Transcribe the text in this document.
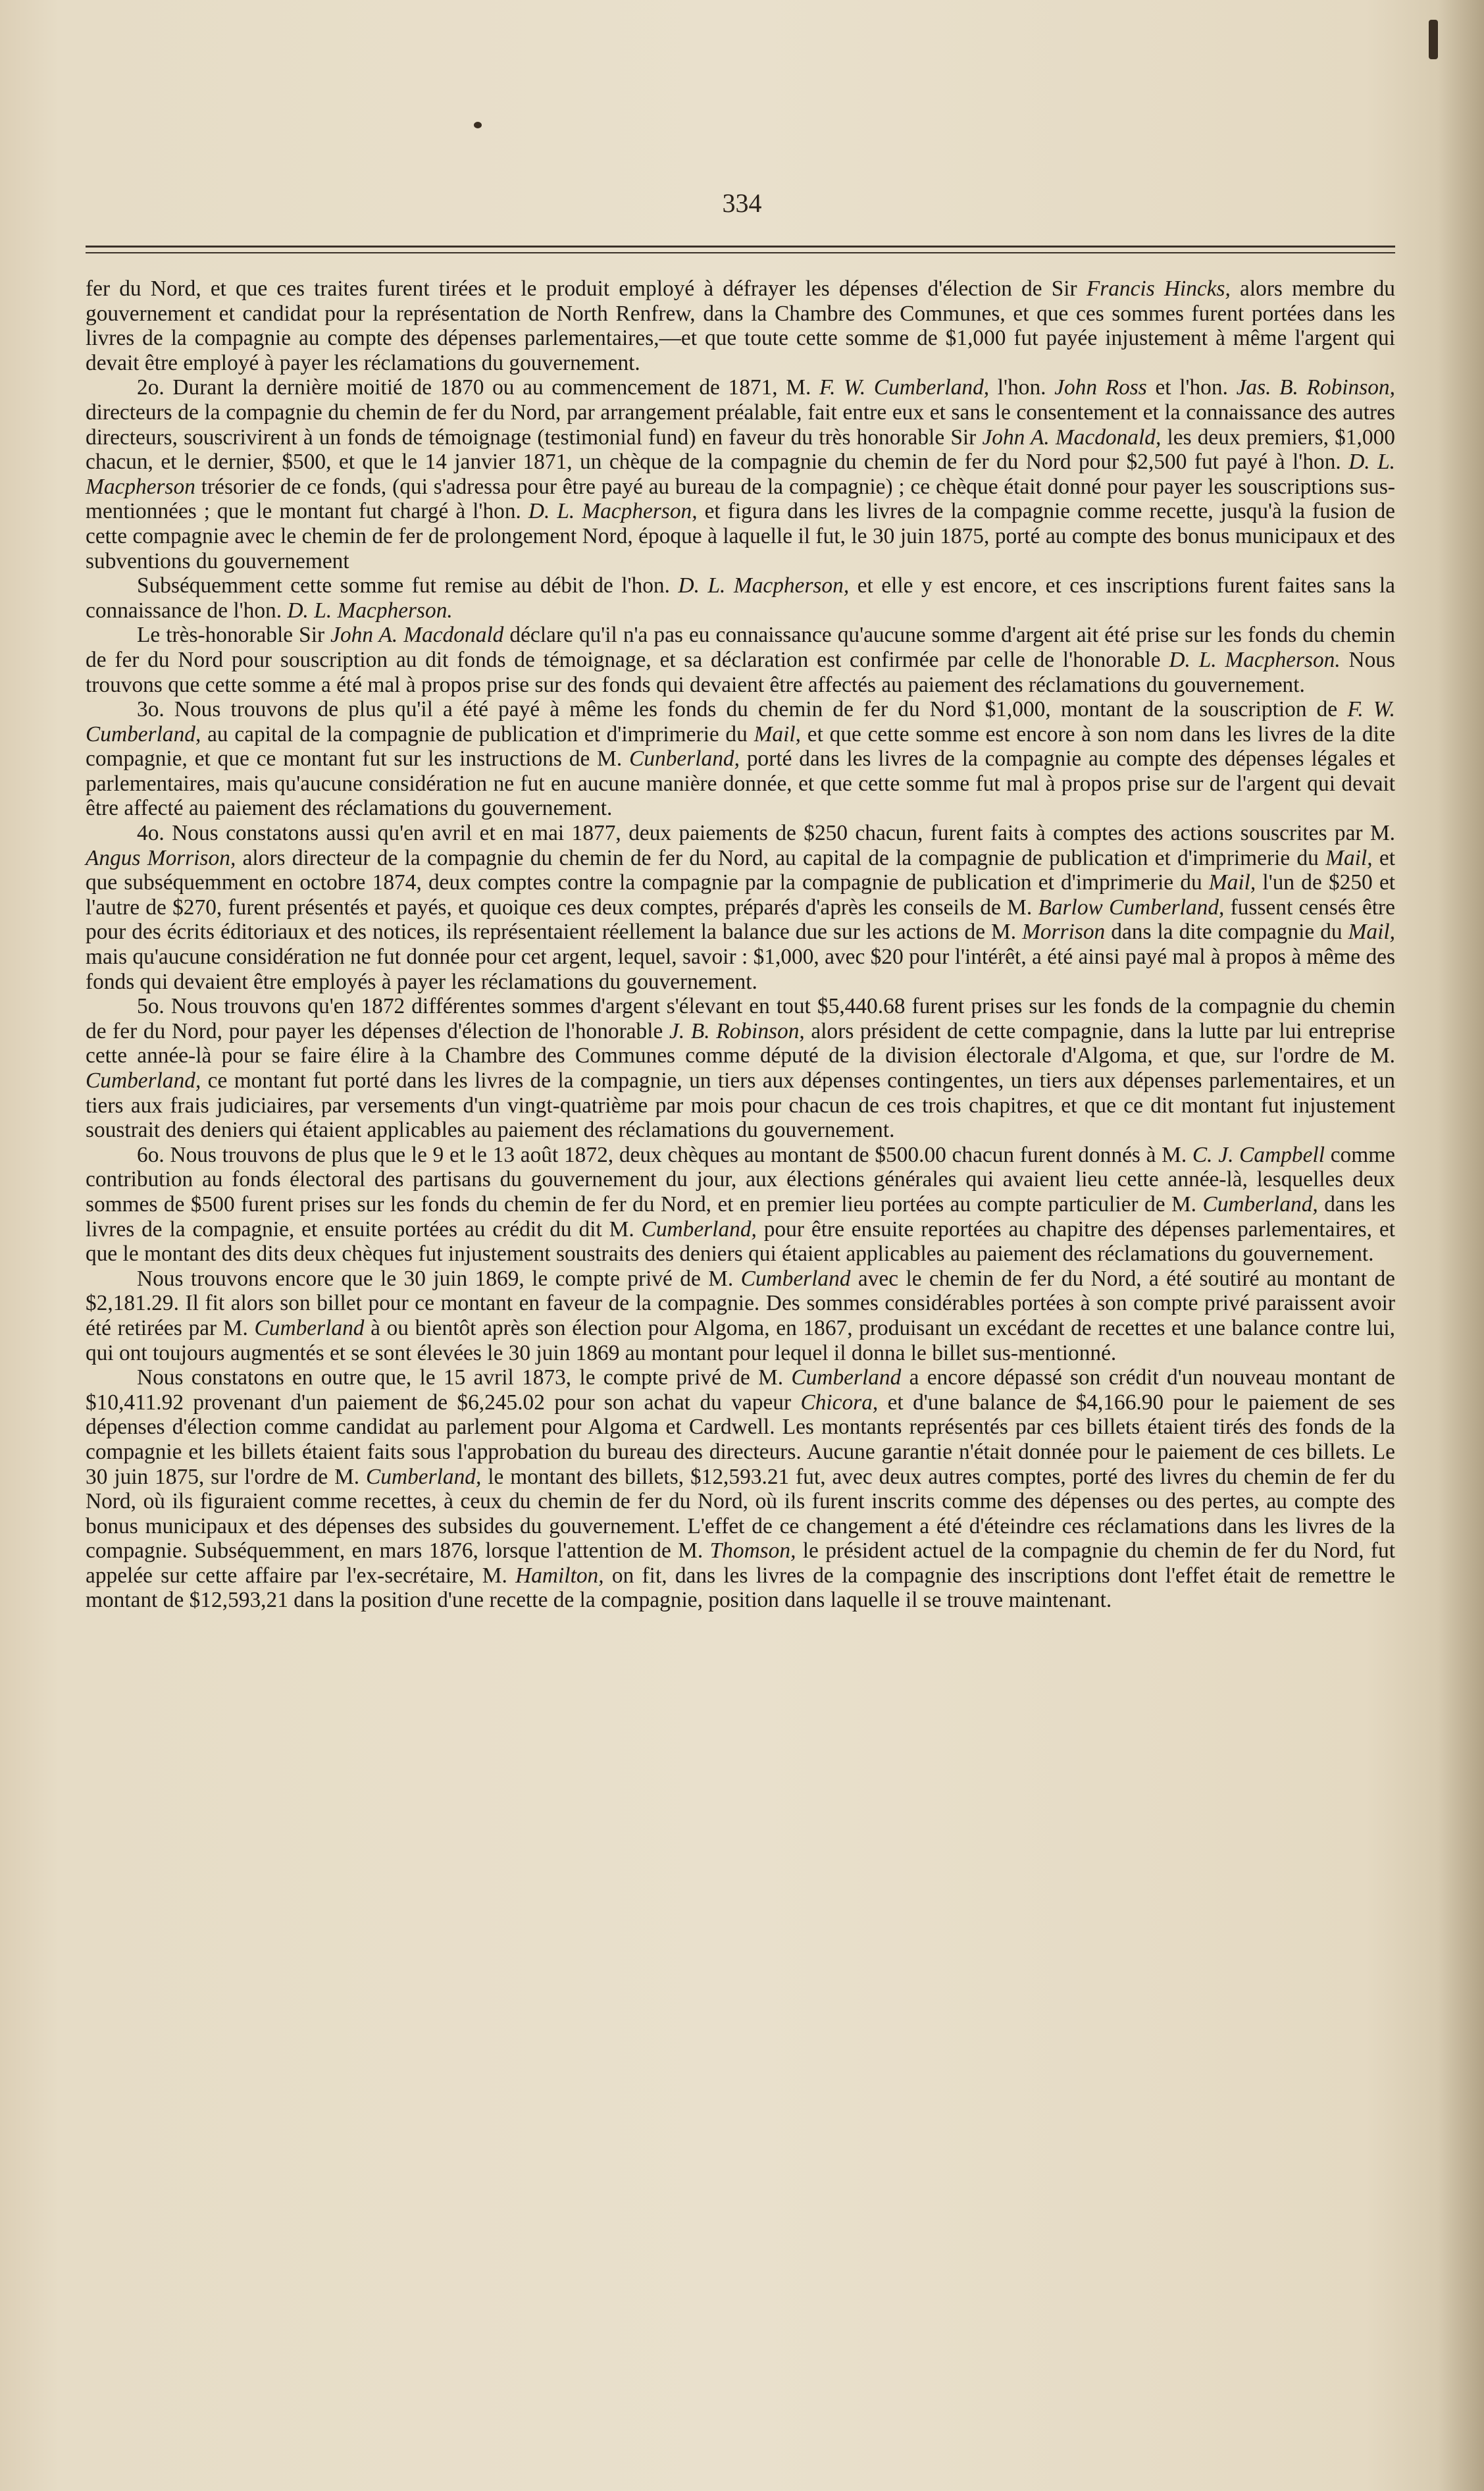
334

fer du Nord, et que ces traites furent tirées et le produit employé à défrayer les dépenses d'élection de Sir Francis Hincks, alors membre du gouvernement et candidat pour la représentation de North Renfrew, dans la Chambre des Communes, et que ces sommes furent portées dans les livres de la compagnie au compte des dépenses parlementaires,—et que toute cette somme de $1,000 fut payée injustement à même l'argent qui devait être employé à payer les réclamations du gouvernement.

2o. Durant la dernière moitié de 1870 ou au commencement de 1871, M. F. W. Cumberland, l'hon. John Ross et l'hon. Jas. B. Robinson, directeurs de la compagnie du chemin de fer du Nord, par arrangement préalable, fait entre eux et sans le consentement et la connaissance des autres directeurs, souscrivirent à un fonds de témoignage (testimonial fund) en faveur du très honorable Sir John A. Macdonald, les deux premiers, $1,000 chacun, et le dernier, $500, et que le 14 janvier 1871, un chèque de la compagnie du chemin de fer du Nord pour $2,500 fut payé à l'hon. D. L. Macpherson trésorier de ce fonds, (qui s'adressa pour être payé au bureau de la compagnie) ; ce chèque était donné pour payer les souscriptions sus-mentionnées ; que le montant fut chargé à l'hon. D. L. Macpherson, et figura dans les livres de la compagnie comme recette, jusqu'à la fusion de cette compagnie avec le chemin de fer de prolongement Nord, époque à laquelle il fut, le 30 juin 1875, porté au compte des bonus municipaux et des subventions du gouvernement

Subséquemment cette somme fut remise au débit de l'hon. D. L. Macpherson, et elle y est encore, et ces inscriptions furent faites sans la connaissance de l'hon. D. L. Macpherson.

Le très-honorable Sir John A. Macdonald déclare qu'il n'a pas eu connaissance qu'aucune somme d'argent ait été prise sur les fonds du chemin de fer du Nord pour souscription au dit fonds de témoignage, et sa déclaration est confirmée par celle de l'honorable D. L. Macpherson. Nous trouvons que cette somme a été mal à propos prise sur des fonds qui devaient être affectés au paiement des réclamations du gouvernement.

3o. Nous trouvons de plus qu'il a été payé à même les fonds du chemin de fer du Nord $1,000, montant de la souscription de F. W. Cumberland, au capital de la compagnie de publication et d'imprimerie du Mail, et que cette somme est encore à son nom dans les livres de la dite compagnie, et que ce montant fut sur les instructions de M. Cunberland, porté dans les livres de la compagnie au compte des dépenses légales et parlementaires, mais qu'aucune considération ne fut en aucune manière donnée, et que cette somme fut mal à propos prise sur de l'argent qui devait être affecté au paiement des réclamations du gouvernement.

4o. Nous constatons aussi qu'en avril et en mai 1877, deux paiements de $250 chacun, furent faits à comptes des actions souscrites par M. Angus Morrison, alors directeur de la compagnie du chemin de fer du Nord, au capital de la compagnie de publication et d'imprimerie du Mail, et que subséquemment en octobre 1874, deux comptes contre la compagnie par la compagnie de publication et d'imprimerie du Mail, l'un de $250 et l'autre de $270, furent présentés et payés, et quoique ces deux comptes, préparés d'après les conseils de M. Barlow Cumberland, fussent censés être pour des écrits éditoriaux et des notices, ils représentaient réellement la balance due sur les actions de M. Morrison dans la dite compagnie du Mail, mais qu'aucune considération ne fut donnée pour cet argent, lequel, savoir : $1,000, avec $20 pour l'intérêt, a été ainsi payé mal à propos à même des fonds qui devaient être employés à payer les réclamations du gouvernement.

5o. Nous trouvons qu'en 1872 différentes sommes d'argent s'élevant en tout $5,440.68 furent prises sur les fonds de la compagnie du chemin de fer du Nord, pour payer les dépenses d'élection de l'honorable J. B. Robinson, alors président de cette compagnie, dans la lutte par lui entreprise cette année-là pour se faire élire à la Chambre des Communes comme député de la division électorale d'Algoma, et que, sur l'ordre de M. Cumberland, ce montant fut porté dans les livres de la compagnie, un tiers aux dépenses contingentes, un tiers aux dépenses parlementaires, et un tiers aux frais judiciaires, par versements d'un vingt-quatrième par mois pour chacun de ces trois chapitres, et que ce dit montant fut injustement soustrait des deniers qui étaient applicables au paiement des réclamations du gouvernement.

6o. Nous trouvons de plus que le 9 et le 13 août 1872, deux chèques au montant de $500.00 chacun furent donnés à M. C. J. Campbell comme contribution au fonds électoral des partisans du gouvernement du jour, aux élections générales qui avaient lieu cette année-là, lesquelles deux sommes de $500 furent prises sur les fonds du chemin de fer du Nord, et en premier lieu portées au compte particulier de M. Cumberland, dans les livres de la compagnie, et ensuite portées au crédit du dit M. Cumberland, pour être ensuite reportées au chapitre des dépenses parlementaires, et que le montant des dits deux chèques fut injustement soustraits des deniers qui étaient applicables au paiement des réclamations du gouvernement.

Nous trouvons encore que le 30 juin 1869, le compte privé de M. Cumberland avec le chemin de fer du Nord, a été soutiré au montant de $2,181.29. Il fit alors son billet pour ce montant en faveur de la compagnie. Des sommes considérables portées à son compte privé paraissent avoir été retirées par M. Cumberland à ou bientôt après son élection pour Algoma, en 1867, produisant un excédant de recettes et une balance contre lui, qui ont toujours augmentés et se sont élevées le 30 juin 1869 au montant pour lequel il donna le billet sus-mentionné.

Nous constatons en outre que, le 15 avril 1873, le compte privé de M. Cumberland a encore dépassé son crédit d'un nouveau montant de $10,411.92 provenant d'un paiement de $6,245.02 pour son achat du vapeur Chicora, et d'une balance de $4,166.90 pour le paiement de ses dépenses d'élection comme candidat au parlement pour Algoma et Cardwell. Les montants représentés par ces billets étaient tirés des fonds de la compagnie et les billets étaient faits sous l'approbation du bureau des directeurs. Aucune garantie n'était donnée pour le paiement de ces billets. Le 30 juin 1875, sur l'ordre de M. Cumberland, le montant des billets, $12,593.21 fut, avec deux autres comptes, porté des livres du chemin de fer du Nord, où ils figuraient comme recettes, à ceux du chemin de fer du Nord, où ils furent inscrits comme des dépenses ou des pertes, au compte des bonus municipaux et des dépenses des subsides du gouvernement. L'effet de ce changement a été d'éteindre ces réclamations dans les livres de la compagnie. Subséquemment, en mars 1876, lorsque l'attention de M. Thomson, le président actuel de la compagnie du chemin de fer du Nord, fut appelée sur cette affaire par l'ex-secrétaire, M. Hamilton, on fit, dans les livres de la compagnie des inscriptions dont l'effet était de remettre le montant de $12,593,21 dans la position d'une recette de la compagnie, position dans laquelle il se trouve maintenant.
